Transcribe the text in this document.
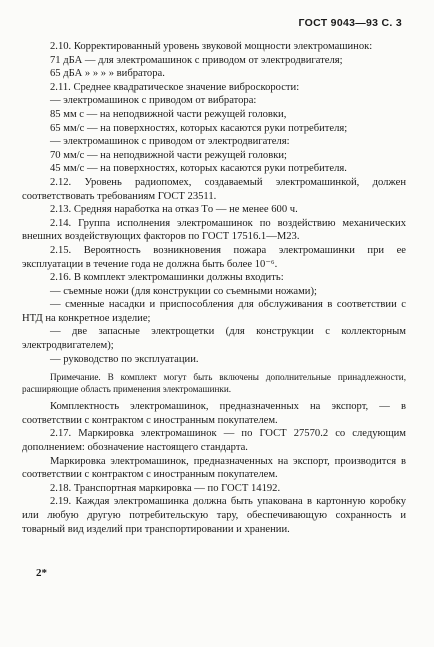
ГОСТ 9043—93 С. 3

2.10. Корректированный уровень звуковой мощности электромашинок:

71 дБА — для электромашинок с приводом от электродвигателя;

65 дБА » » » » вибратора.

2.11. Среднее квадратическое значение виброскорости:

— электромашинок с приводом от вибратора:

85 мм с — на неподвижной части режущей головки,

65 мм/с — на поверхностях, которых касаются руки потребителя;

— электромашинок с приводом от электродвигателя:

70 мм/с — на неподвижной части режущей головки;

45 мм/с — на поверхностях, которых касаются руки потребителя.

2.12. Уровень радиопомех, создаваемый электромашинкой, должен соответствовать требованиям ГОСТ 23511.

2.13. Средняя наработка на отказ Tо — не менее 600 ч.

2.14. Группа исполнения электромашинок по воздействию механических внешних воздействующих факторов по ГОСТ 17516.1—М23.

2.15. Вероятность возникновения пожара электромашинки при ее эксплуатации в течение года не должна быть более 10⁻⁶.

2.16. В комплект электромашинки должны входить:

— съемные ножи (для конструкции со съемными ножами);

— сменные насадки и приспособления для обслуживания в соответствии с НТД на конкретное изделие;

— две запасные электрощетки (для конструкции с коллекторным электродвигателем);

— руководство по эксплуатации.

Примечание. В комплект могут быть включены дополнительные принадлежности, расширяющие область применения электромашинки.

Комплектность электромашинок, предназначенных на экспорт, — в соответствии с контрактом с иностранным покупателем.

2.17. Маркировка электромашинок — по ГОСТ 27570.2 со следующим дополнением: обозначение настоящего стандарта.

Маркировка электромашинок, предназначенных на экспорт, производится в соответствии с контрактом с иностранным покупателем.

2.18. Транспортная маркировка — по ГОСТ 14192.

2.19. Каждая электромашинка должна быть упакована в картонную коробку или любую другую потребительскую тару, обеспечивающую сохранность и товарный вид изделий при транспортировании и хранении.

2*
